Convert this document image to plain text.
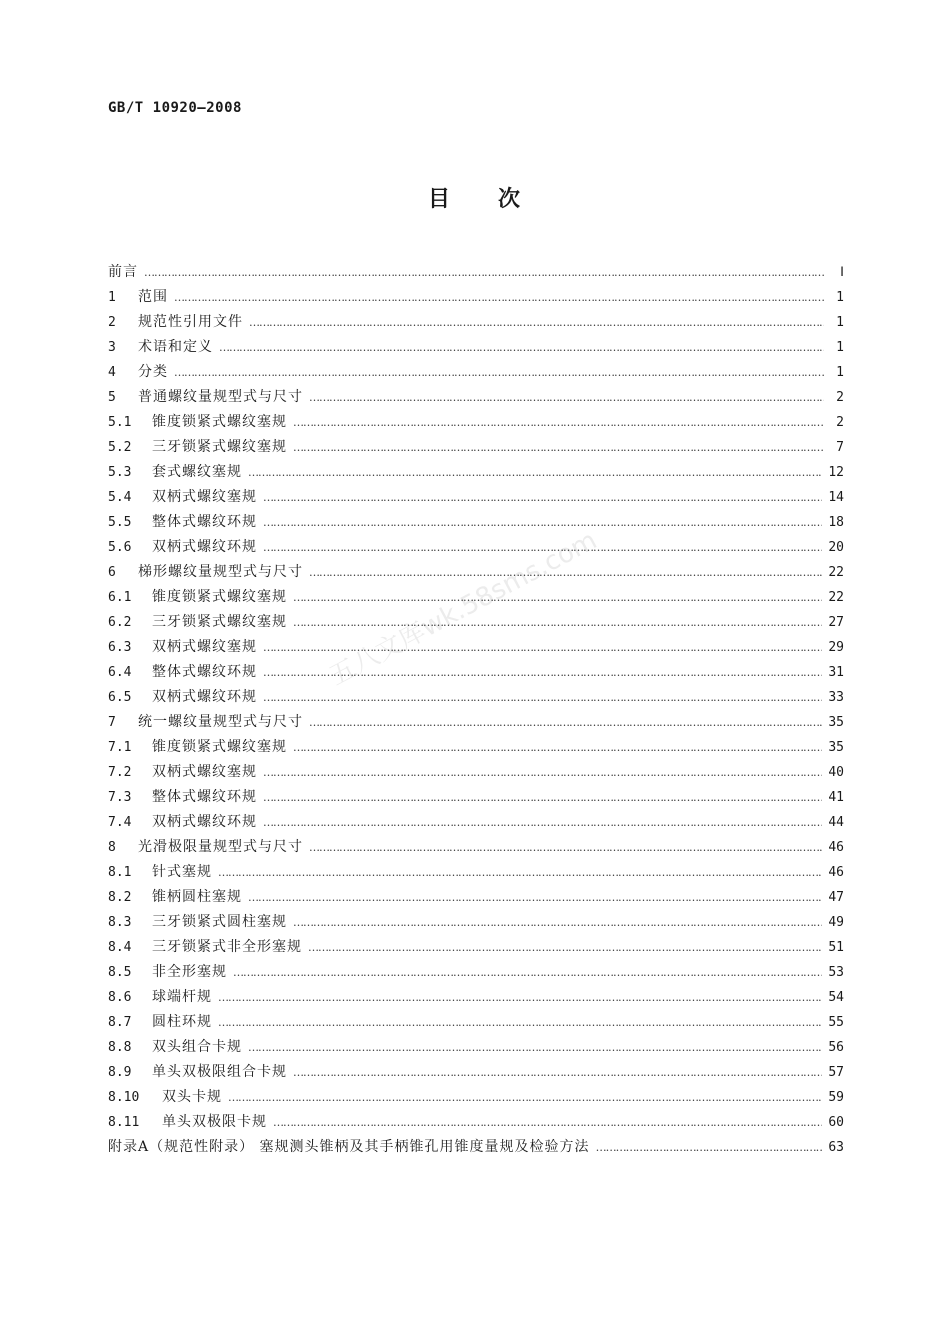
GB/T 10920—2008
目 次
五八文库wk.58sms.com
前言 ………………………………………………………………………………………………………………………………………………………………………………………………………………………………………………	Ⅰ
1	范围 ………………………………………………………………………………………………………………………………………………………………………………………………………………………………………………	1
2	规范性引用文件 ………………………………………………………………………………………………………………………………………………………………………………………………………………………………………………	1
3	术语和定义 ………………………………………………………………………………………………………………………………………………………………………………………………………………………………………………	1
4	分类 ………………………………………………………………………………………………………………………………………………………………………………………………………………………………………………	1
5	普通螺纹量规型式与尺寸 ………………………………………………………………………………………………………………………………………………………………………………………………………………………………………………	2
5.1	锥度锁紧式螺纹塞规 ………………………………………………………………………………………………………………………………………………………………………………………………………………………………………………	2
5.2	三牙锁紧式螺纹塞规 ………………………………………………………………………………………………………………………………………………………………………………………………………………………………………………	7
5.3	套式螺纹塞规 ………………………………………………………………………………………………………………………………………………………………………………………………………………………………………………	12
5.4	双柄式螺纹塞规 ………………………………………………………………………………………………………………………………………………………………………………………………………………………………………………	14
5.5	整体式螺纹环规 ………………………………………………………………………………………………………………………………………………………………………………………………………………………………………………	18
5.6	双柄式螺纹环规 ………………………………………………………………………………………………………………………………………………………………………………………………………………………………………………	20
6	梯形螺纹量规型式与尺寸 ………………………………………………………………………………………………………………………………………………………………………………………………………………………………………………	22
6.1	锥度锁紧式螺纹塞规 ………………………………………………………………………………………………………………………………………………………………………………………………………………………………………………	22
6.2	三牙锁紧式螺纹塞规 ………………………………………………………………………………………………………………………………………………………………………………………………………………………………………………	27
6.3	双柄式螺纹塞规 ………………………………………………………………………………………………………………………………………………………………………………………………………………………………………………	29
6.4	整体式螺纹环规 ………………………………………………………………………………………………………………………………………………………………………………………………………………………………………………	31
6.5	双柄式螺纹环规 ………………………………………………………………………………………………………………………………………………………………………………………………………………………………………………	33
7	统一螺纹量规型式与尺寸 ………………………………………………………………………………………………………………………………………………………………………………………………………………………………………………	35
7.1	锥度锁紧式螺纹塞规 ………………………………………………………………………………………………………………………………………………………………………………………………………………………………………………	35
7.2	双柄式螺纹塞规 ………………………………………………………………………………………………………………………………………………………………………………………………………………………………………………	40
7.3	整体式螺纹环规 ………………………………………………………………………………………………………………………………………………………………………………………………………………………………………………	41
7.4	双柄式螺纹环规 ………………………………………………………………………………………………………………………………………………………………………………………………………………………………………………	44
8	光滑极限量规型式与尺寸 ………………………………………………………………………………………………………………………………………………………………………………………………………………………………………………	46
8.1	针式塞规 ………………………………………………………………………………………………………………………………………………………………………………………………………………………………………………	46
8.2	锥柄圆柱塞规 ………………………………………………………………………………………………………………………………………………………………………………………………………………………………………………	47
8.3	三牙锁紧式圆柱塞规 ………………………………………………………………………………………………………………………………………………………………………………………………………………………………………………	49
8.4	三牙锁紧式非全形塞规 ………………………………………………………………………………………………………………………………………………………………………………………………………………………………………………	51
8.5	非全形塞规 ………………………………………………………………………………………………………………………………………………………………………………………………………………………………………………	53
8.6	球端杆规 ………………………………………………………………………………………………………………………………………………………………………………………………………………………………………………	54
8.7	圆柱环规 ………………………………………………………………………………………………………………………………………………………………………………………………………………………………………………	55
8.8	双头组合卡规 ………………………………………………………………………………………………………………………………………………………………………………………………………………………………………………	56
8.9	单头双极限组合卡规 ………………………………………………………………………………………………………………………………………………………………………………………………………………………………………………	57
8.10	双头卡规 ………………………………………………………………………………………………………………………………………………………………………………………………………………………………………………	59
8.11	单头双极限卡规 ………………………………………………………………………………………………………………………………………………………………………………………………………………………………………………	60
附录A（规范性附录） 塞规测头锥柄及其手柄锥孔用锥度量规及检验方法 ………………………………………………………………………………………………………………………………………………………………………………………………………………………………………………	63
